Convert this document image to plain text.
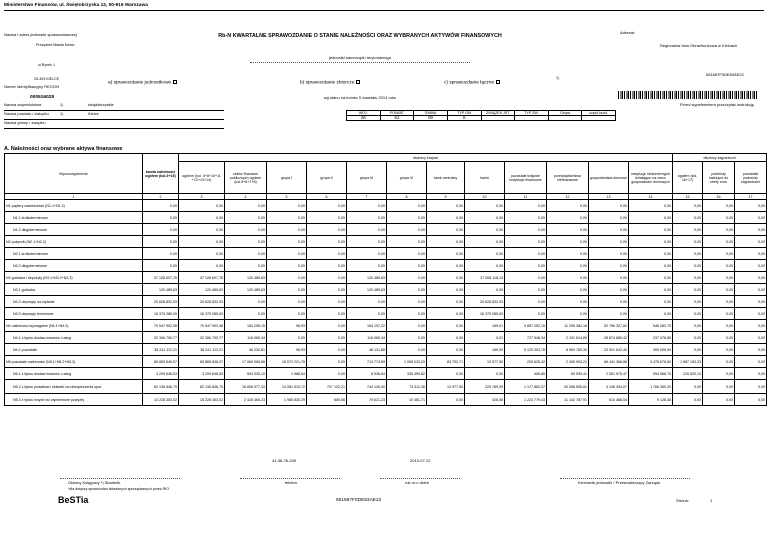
Ministerstwo Finansów, ul. Świętokrzyska 12, 00-916 Warszawa
Nazwa i adres jednostki sprawozdawczej
Prezydent Miasta Kielce
ul.Rynek 1
25-303 KIELCE
Numer identyfikacyjny REGON
000516028
Rb-N KWARTALNE SPRAWOZDANIE O STANIE NALEŻNOŚCI ORAZ WYBRANYCH AKTYWÓW FINANSOWYCH
jednostki samorządu terytorialnego
Adresat:
Regionalna Izba Obrachunkowa w Kielcach
551687F0DE83AE22
a) sprawozdanie jednostkowe	b) sprawozdanie zbiorcze	c) sprawozdanie łączne
1)
wg stanu na koniec II kwartału 2013 roku
Nazwa województwa	1)	świętokrzyskie
Nazwa powiatu / związku	1)	Kielce
Nazwa gminy / związku
WOJ.	POWIAT	GMINA	TYP GM	ZWIĄZEK JST	TYP ZW.	Grupa	część budż.
26	61	00	0				
Przed wypełnieniem przeczytać instrukcję
A. Należności oraz wybrane aktywa finansowe
Wyszczególnienie	kwota należności ogółem (kol.3+15)	dłużnicy krajowi												dłużnicy zagraniczni		
		ogółem (kol. 4+8+10+11 +12+13+14)	sektor finansów publicznych ogółem (kol.5+6+7+8)	grupa I	grupa II	grupa III	grupa IV	bank centralny	banki	pozostałe krajowe instytucje finansowe	przedsiębiorstwa niefinansowe	gospodarstwa domowe	instytucje niekomercyjne działające na rzecz gospodarstw domowych	ogółem (kol. 16+17)	podmioty należące do strefy euro	pozostałe podmioty zagraniczne
1	2	3	4	5	6	7	8	9	10	11	12	13	14	15	16	17
N1 papiery wartościowe (N1.1+N1.2)	0,00	0,00	0,00	0,00	0,00	0,00	0,00	0,00	0,00	0,00	0,00	0,00	0,00	0,00	0,00	0,00
N1.1 krótkoterminowe	0,00	0,00	0,00	0,00	0,00	0,00	0,00	0,00	0,00	0,00	0,00	0,00	0,00	0,00	0,00	0,00
N1.2 długoterminowe	0,00	0,00	0,00	0,00	0,00	0,00	0,00	0,00	0,00	0,00	0,00	0,00	0,00	0,00	0,00	0,00
N2 pożyczki (N2.1+N2.2)	0,00	0,00	0,00	0,00	0,00	0,00	0,00	0,00	0,00	0,00	0,00	0,00	0,00	0,00	0,00	0,00
N2.1 krótkoterminowe	0,00	0,00	0,00	0,00	0,00	0,00	0,00	0,00	0,00	0,00	0,00	0,00	0,00	0,00	0,00	0,00
N2.2 długoterminowe	0,00	0,00	0,00	0,00	0,00	0,00	0,00	0,00	0,00	0,00	0,00	0,00	0,00	0,00	0,00	0,00
N3 gotówka i depozyty (N3.1+N3.2+N3.3)	37 128 607,76	37 128 607,76	120 489,63	0,00	0,00	120 489,63	0,00	0,00	37 008 118,13	0,00	0,00	0,00	0,00	0,00	0,00	0,00
N3.1 gotówka	120 489,63	120 489,63	120 489,63	0,00	0,00	120 489,63	0,00	0,00	0,00	0,00	0,00	0,00	0,00	0,00	0,00	0,00
N3.2 depozyty na żądanie	20 628 832,93	20 628 832,93	0,00	0,00	0,00	0,00	0,00	0,00	20 628 832,93	0,00	0,00	0,00	0,00	0,00	0,00	0,00
N3.3 depozyty terminowe	16 379 285,00	16 379 285,00	0,00	0,00	0,00	0,00	0,00	0,00	16 379 285,00	0,00	0,00	0,00	0,00	0,00	0,00	0,00
N4 należności wymagalne (N4.1+N4.2)	70 547 902,98	70 547 902,98	164 296,15	98,93	0,00	164 197,22	0,00	0,00	189,01	5 857 252,15	11 295 384,16	52 796 327,82	546 082,79	0,00	0,00	0,00
N4.1 z tytułu dostaw towarów i usług	32 306 790,77	32 306 790,77	116 065,34	0,00	0,00	116 065,34	0,00	0,00	0,01	727 948,34	2 331 614,89	28 874 685,42	237 076,85	0,00	0,00	0,00
N4.2 pozostałe	38 241 112,21	38 241 112,21	48 230,81	98,93	0,00	48 131,88	0,00	0,00	189,00	5 129 303,78	8 963 769,30	23 921 642,40	309 005,94	0,00	0,00	0,00
N5 pozostałe należności (N5.1+N5.2+N5.3)	85 865 846,07	85 865 846,07	17 069 965,66	16 072 221,76	0,00	713 774,89	1 098 033,20	83 792,71	13 977,50	226 625,42	2 459 903,21	66 441 368,86	3 478 676,60	1 987 153,33	0,00	0,00
N5.1 z tytułu dostaw towarów i usług	3 209 646,53	3 209 646,53	593 035,10	1 988,54	0,00	8 936,84	335 499,82	0,00	0,00	406,85	59 539,41	2 551 975,47	994 686,70	220 620,13	0,00	0,00
N5.2 z tytułu podatków i składek na ubezpieczenia społ.	82 136 846,75	82 136 846,75	16 806 077,33	14 081 519,72	707 122,21	744 126,40	73 311,36	13 977,50	225 789,39	1 177 883,37	30 286 555,81	3 106 494,07	1 766 350,20	0,00	0,00	0,00
N5.3 z tytułu innych niż wymienione powyżej	15 228 353,02	15 228 353,02	2 325 465,23	1 985 830,29	655,56	79 621,23	10 481,71	0,00	426,08	1 224 779,43	11 142 787,91	614 488,54	9 128,38	0,00	0,00	0,00
41-36-76-209	2013-07-22
Główny Księgowy *) Skarbnik
*dla dotyczy sprawozdań składanych sporządzanych przez RIO
telefon	rok m-c dzień	Kierownik jednostki / Przewodniczący Zarządu
BeSTia	551687F0DE83AE22	Strona:	1
